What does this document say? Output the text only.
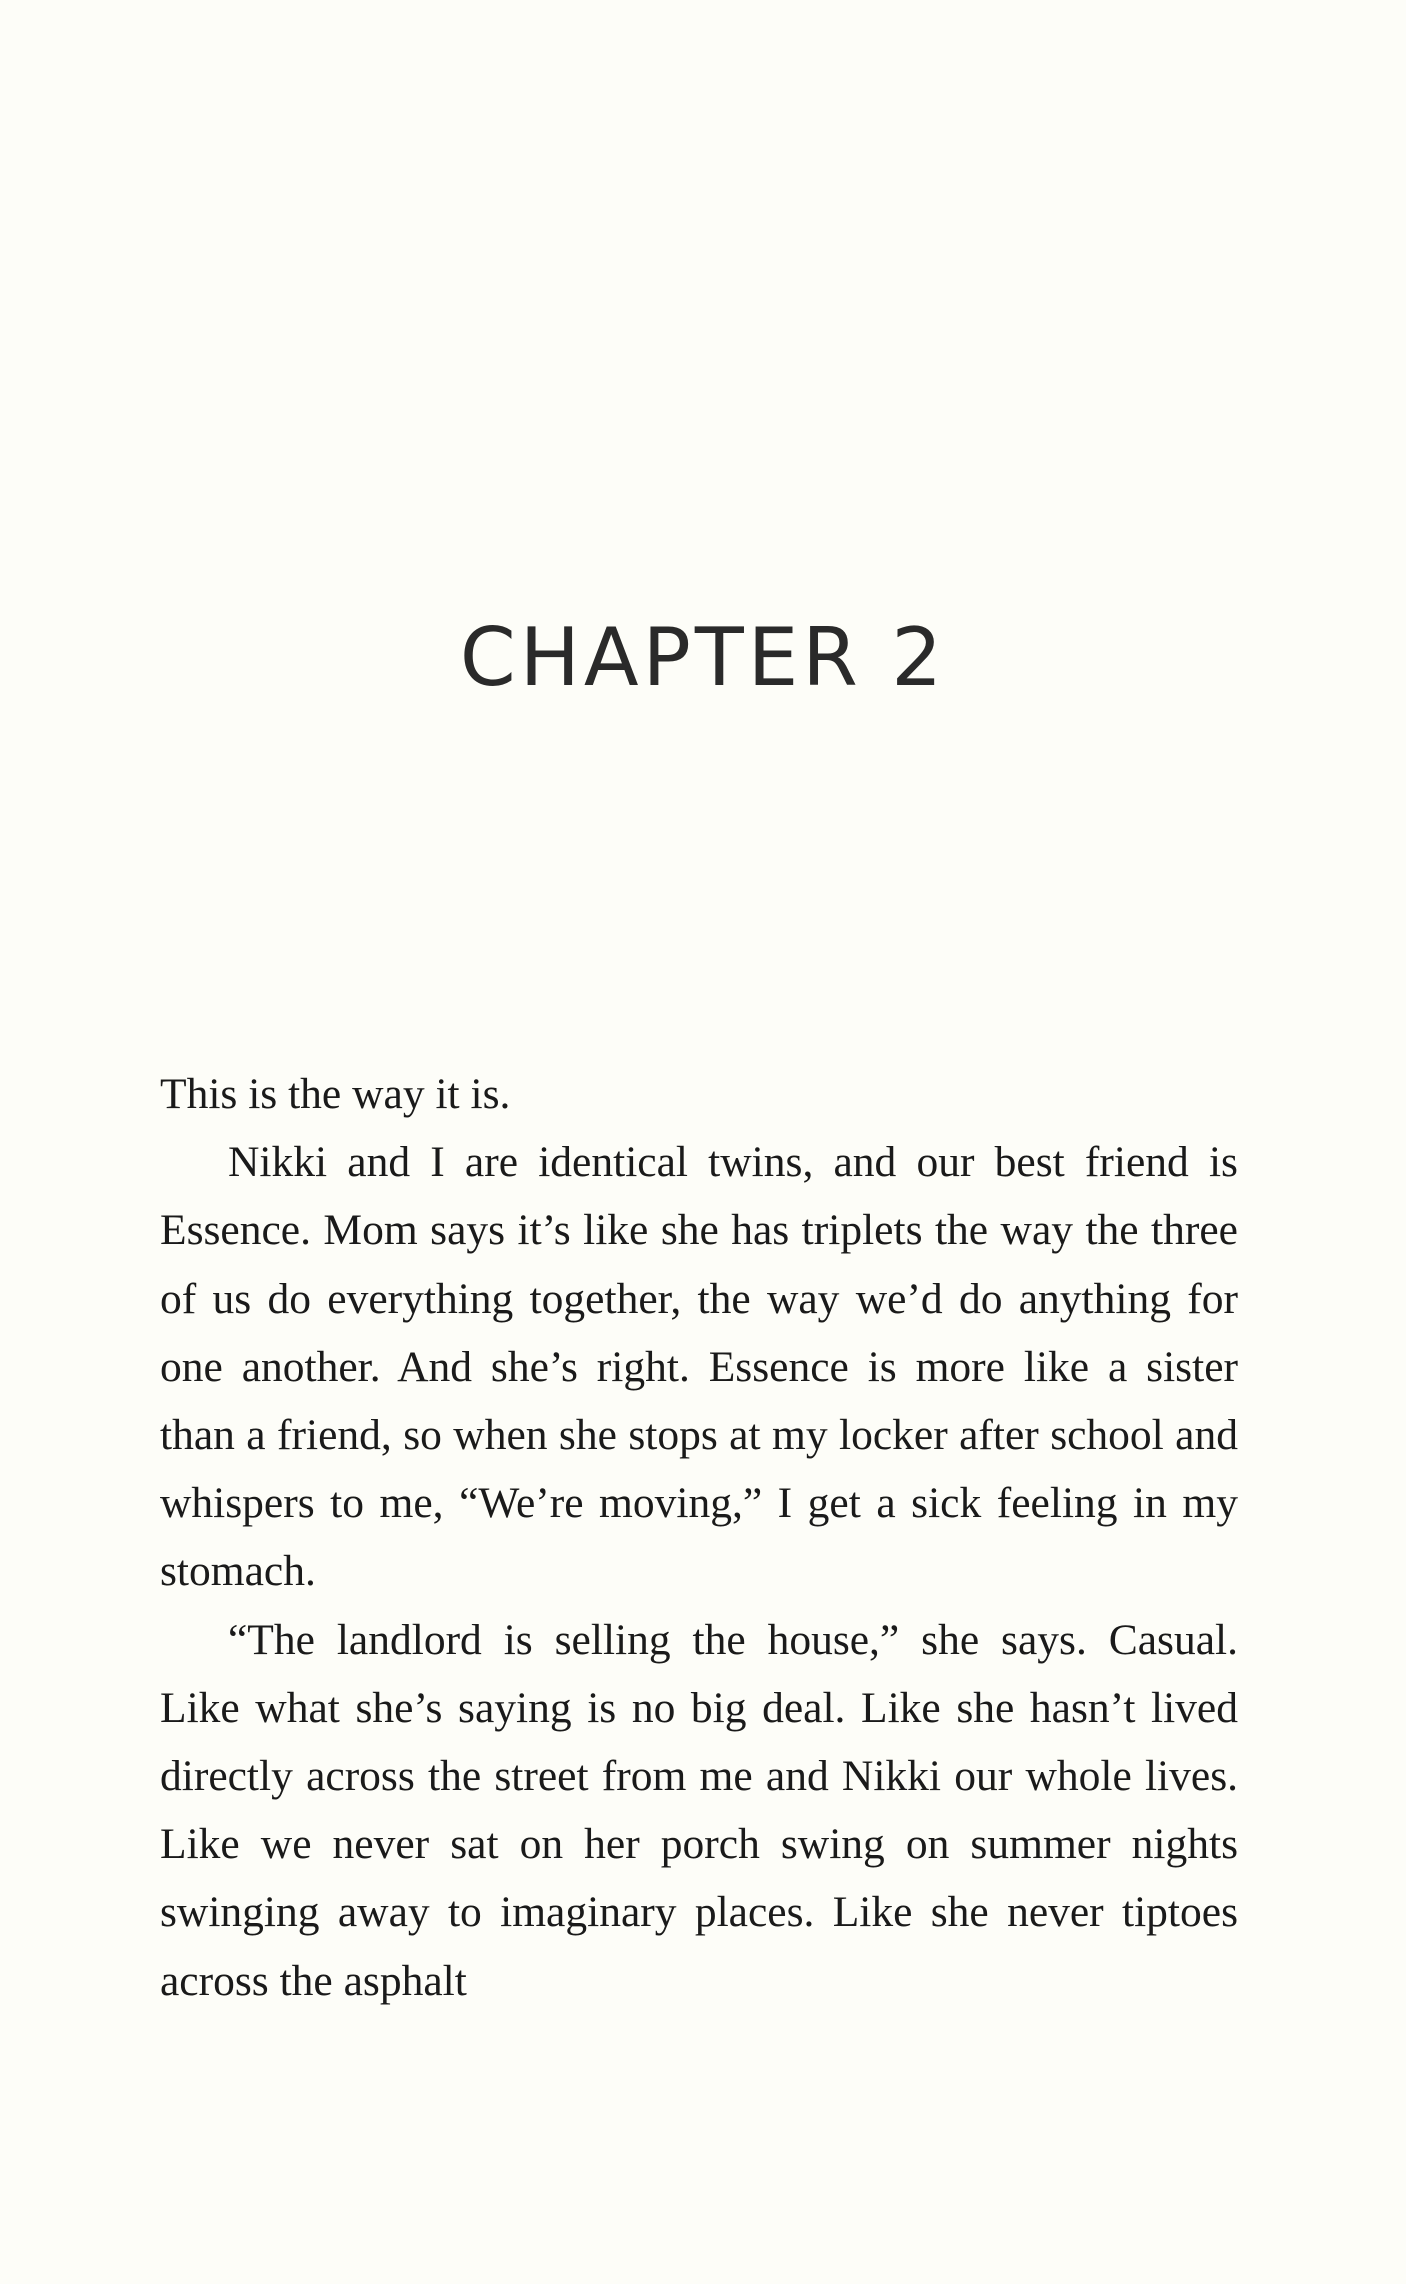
CHAPTER 2

This is the way it is.

Nikki and I are identical twins, and our best friend is Essence. Mom says it’s like she has triplets the way the three of us do everything together, the way we’d do anything for one another. And she’s right. Essence is more like a sister than a friend, so when she stops at my locker after school and whispers to me, “We’re moving,” I get a sick feeling in my stomach.

“The landlord is selling the house,” she says. Casual. Like what she’s saying is no big deal. Like she hasn’t lived directly across the street from me and Nikki our whole lives. Like we never sat on her porch swing on summer nights swinging away to imaginary places. Like she never tiptoes across the asphalt
